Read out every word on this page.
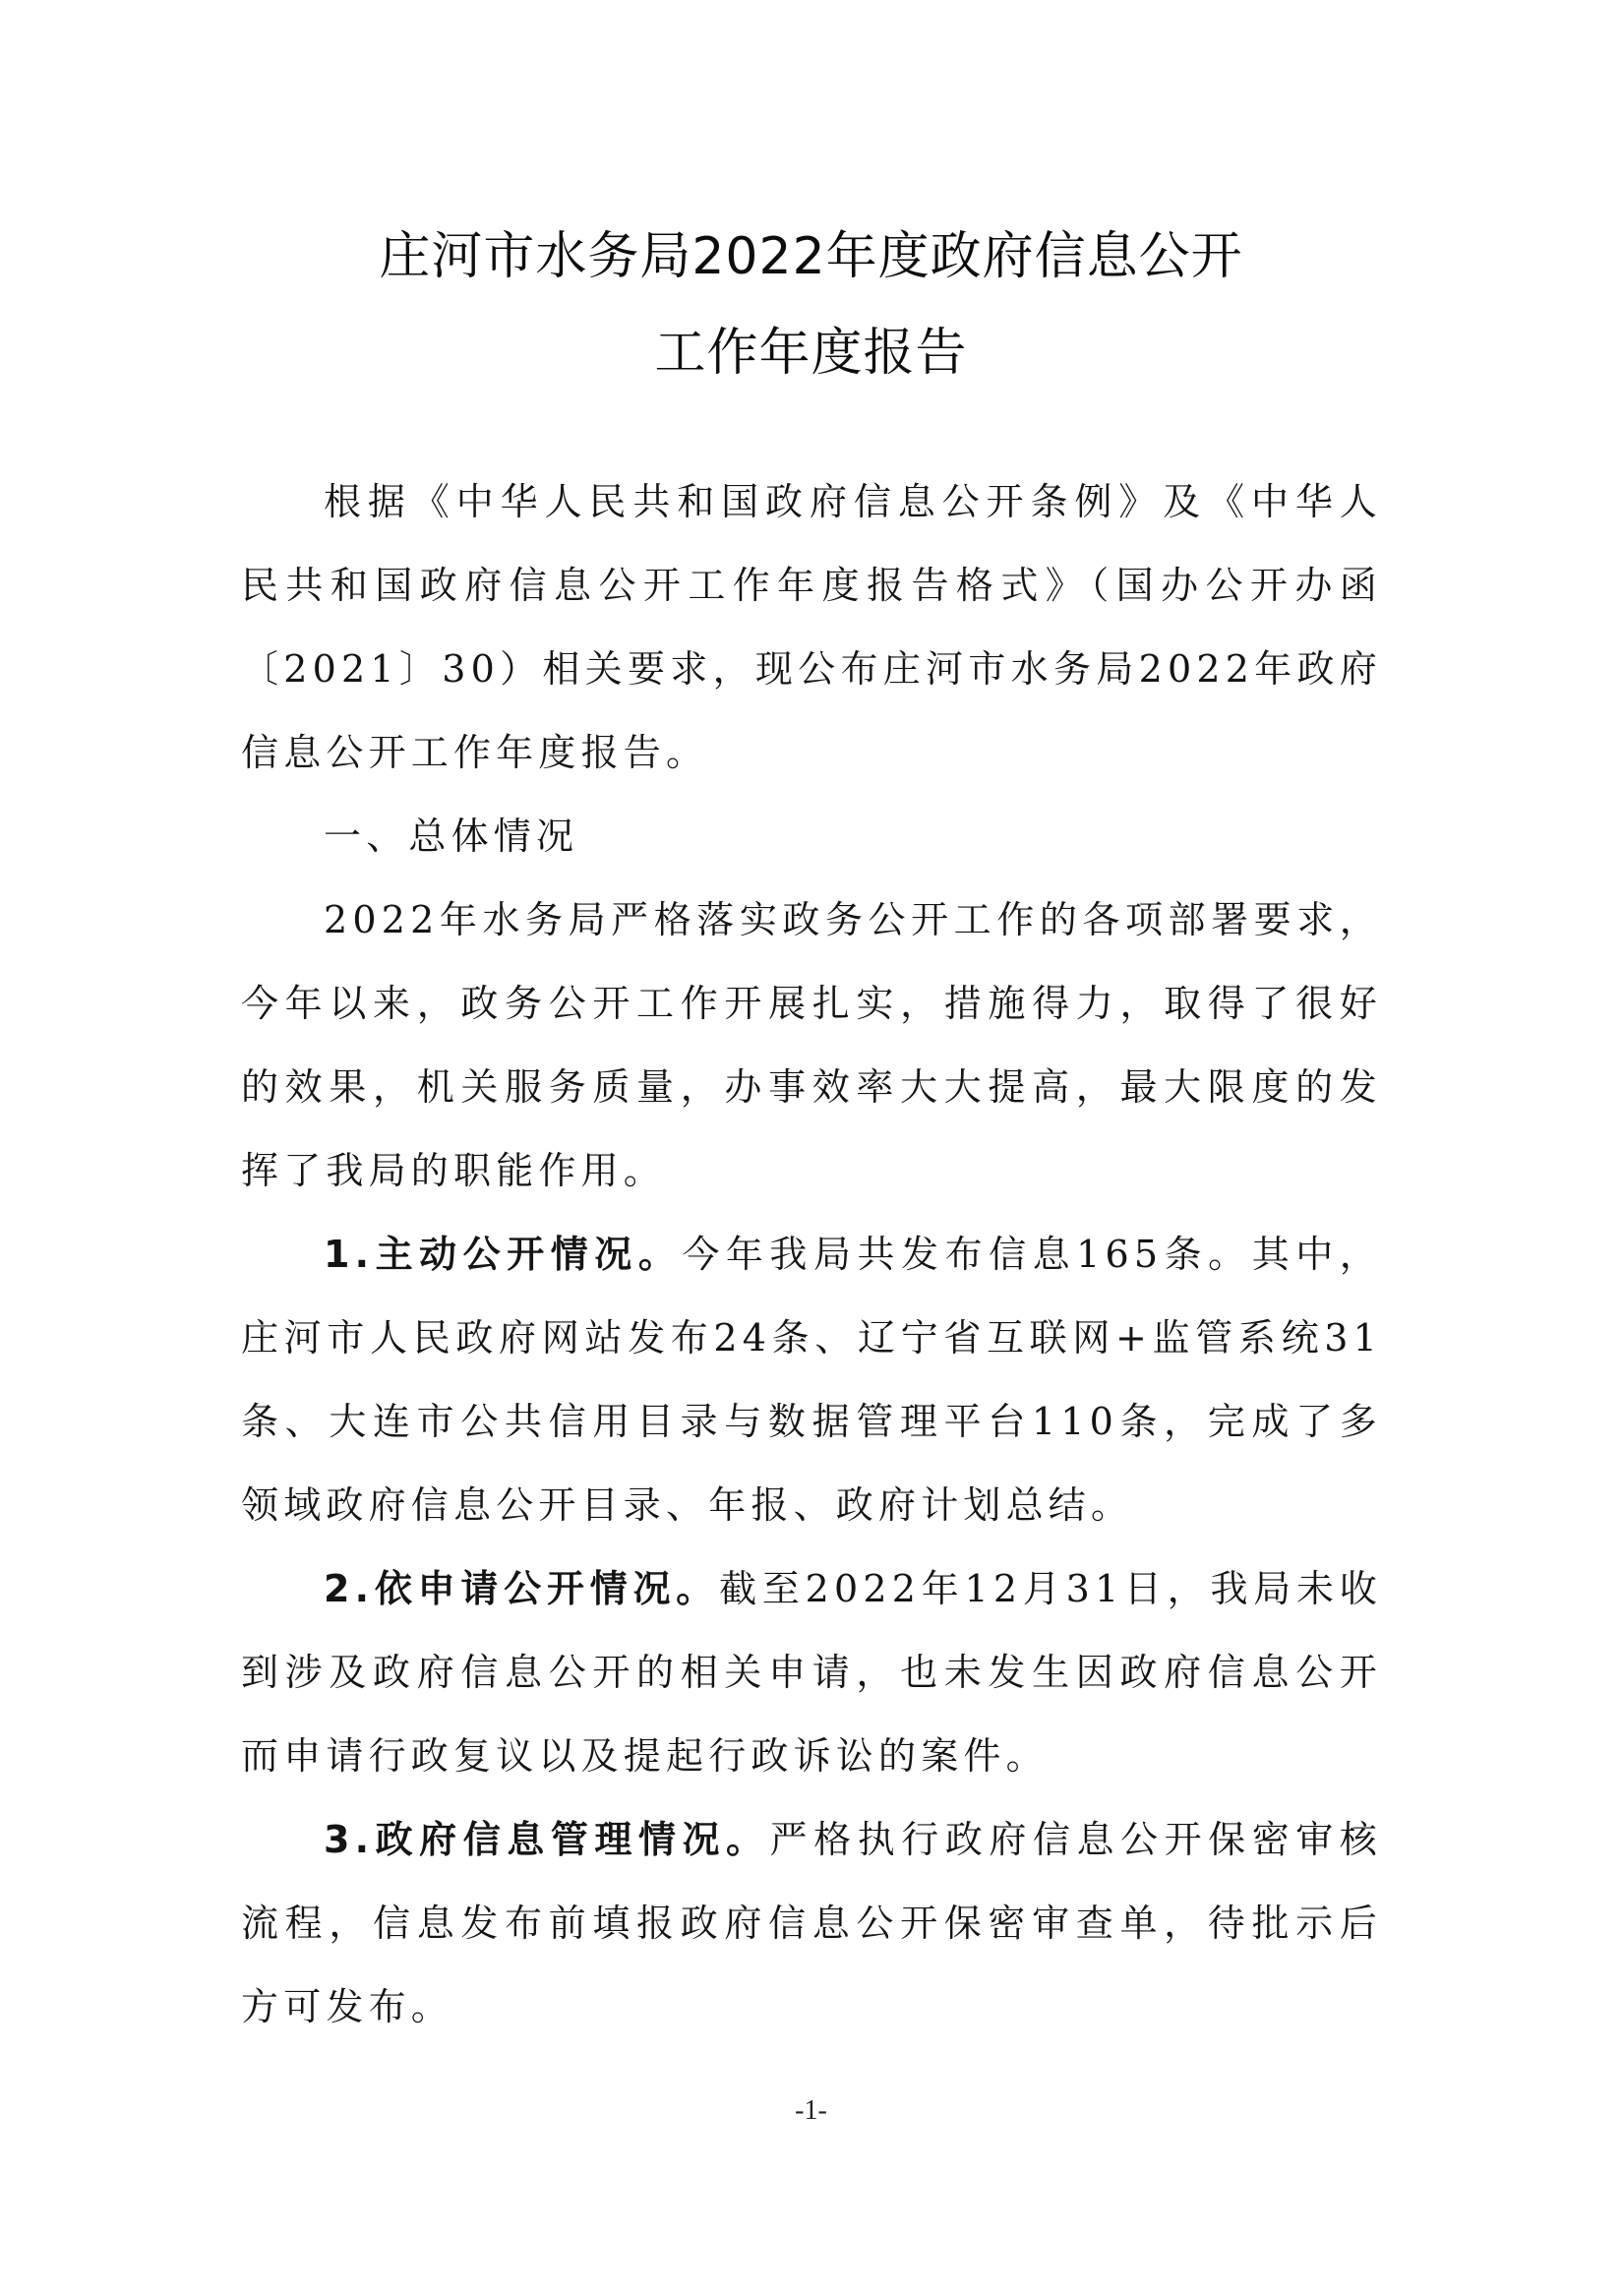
庄河市水务局2022年度政府信息公开
工作年度报告

根据《中华人民共和国政府信息公开条例》及《中华人民共和国政府信息公开工作年度报告格式》（国办公开办函〔2021〕30）相关要求，现公布庄河市水务局2022年政府信息公开工作年度报告。

一、总体情况

2022年水务局严格落实政务公开工作的各项部署要求，今年以来，政务公开工作开展扎实，措施得力，取得了很好的效果，机关服务质量，办事效率大大提高，最大限度的发挥了我局的职能作用。

1.主动公开情况。今年我局共发布信息165条。其中，庄河市人民政府网站发布24条、辽宁省互联网+监管系统31条、大连市公共信用目录与数据管理平台110条，完成了多领域政府信息公开目录、年报、政府计划总结。

2.依申请公开情况。截至2022年12月31日，我局未收到涉及政府信息公开的相关申请，也未发生因政府信息公开而申请行政复议以及提起行政诉讼的案件。

3.政府信息管理情况。严格执行政府信息公开保密审核流程，信息发布前填报政府信息公开保密审查单，待批示后方可发布。

-1-
